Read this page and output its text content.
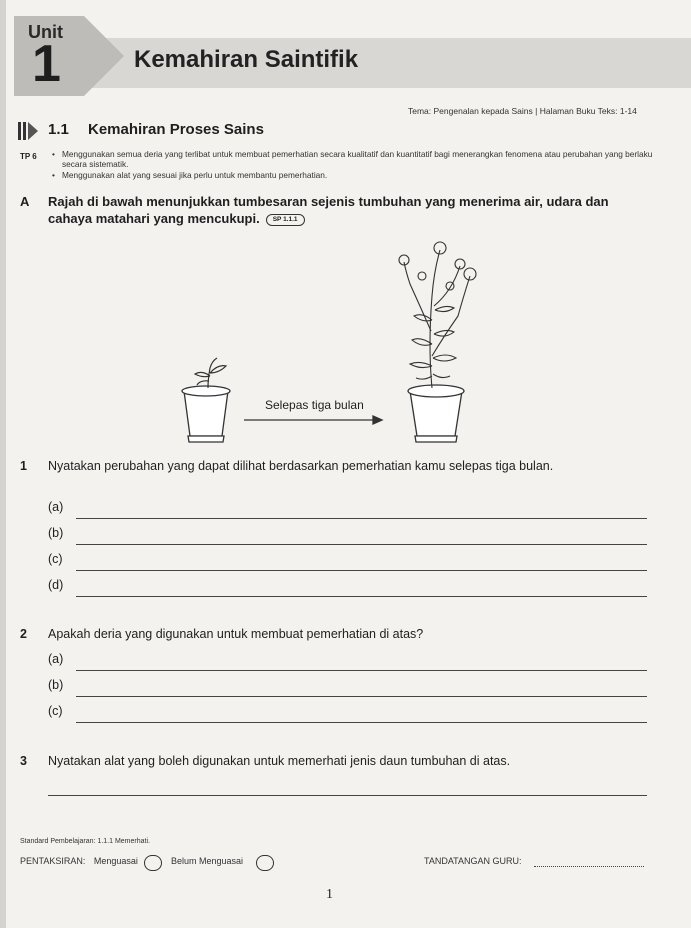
Unit
1	Kemahiran Saintifik
Tema: Pengenalan kepada Sains | Halaman Buku Teks: 1-14
1.1 Kemahiran Proses Sains
TP 6
•	Menggunakan semua deria yang terlibat untuk membuat pemerhatian secara kualitatif dan kuantitatif bagi menerangkan fenomena atau perubahan yang berlaku secara sistematik.
• Menggunakan alat yang sesuai jika perlu untuk membantu pemerhatian.
A Rajah di bawah menunjukkan tumbesaran sejenis tumbuhan yang menerima air, udara dan cahaya matahari yang mencukupi. SP 1.1.1
Selepas tiga bulan
1 Nyatakan perubahan yang dapat dilihat berdasarkan pemerhatian kamu selepas tiga bulan.
(a)
(b)
(c)
(d)
2 Apakah deria yang digunakan untuk membuat pemerhatian di atas?
(a)
(b)
(c)
3 Nyatakan alat yang boleh digunakan untuk memerhati jenis daun tumbuhan di atas.
Standard Pembelajaran: 1.1.1 Memerhati.
PENTAKSIRAN: Menguasai	Belum Menguasai	TANDATANGAN GURU:
1
